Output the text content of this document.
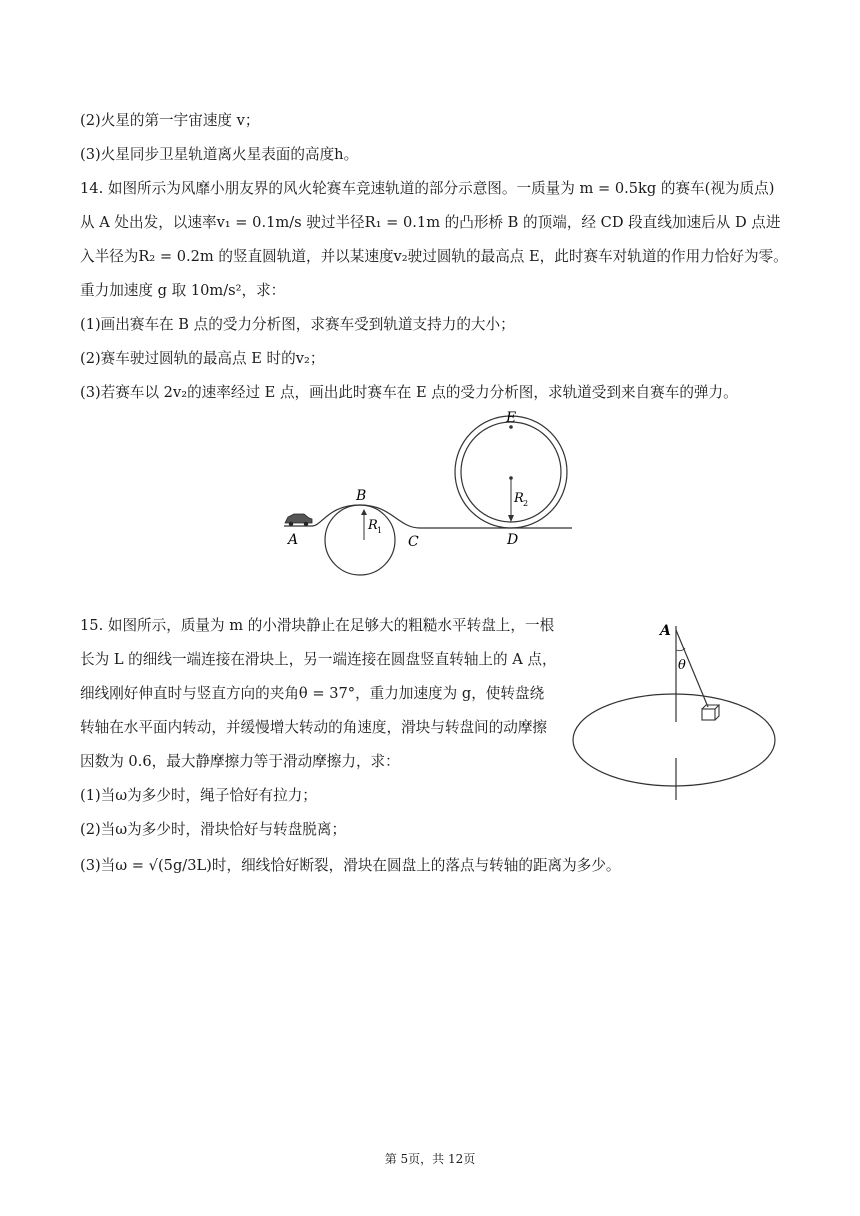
(2)火星的第一宇宙速度 v；
(3)火星同步卫星轨道离火星表面的高度h。
14. 如图所示为风靡小朋友界的风火轮赛车竞速轨道的部分示意图。一质量为 m = 0.5kg 的赛车(视为质点)
从 A 处出发，以速率v₁ = 0.1m/s 驶过半径R₁ = 0.1m 的凸形桥 B 的顶端，经 CD 段直线加速后从 D 点进
入半径为R₂ = 0.2m 的竖直圆轨道，并以某速度v₂驶过圆轨的最高点 E，此时赛车对轨道的作用力恰好为零。
重力加速度 g 取 10m/s²，求：
(1)画出赛车在 B 点的受力分析图，求赛车受到轨道支持力的大小；
(2)赛车驶过圆轨的最高点 E 时的v₂；
(3)若赛车以 2v₂的速率经过 E 点，画出此时赛车在 E 点的受力分析图，求轨道受到来自赛车的弹力。
A
B
R 1
C	D
E
R 2
15. 如图所示，质量为 m 的小滑块静止在足够大的粗糙水平转盘上，一根
长为 L 的细线一端连接在滑块上，另一端连接在圆盘竖直转轴上的 A 点，
细线刚好伸直时与竖直方向的夹角θ = 37°，重力加速度为 g，使转盘绕
转轴在水平面内转动，并缓慢增大转动的角速度，滑块与转盘间的动摩擦
因数为 0.6，最大静摩擦力等于滑动摩擦力，求：
(1)当ω为多少时，绳子恰好有拉力；
(2)当ω为多少时，滑块恰好与转盘脱离；
(3)当ω = √(5g/3L)时，细线恰好断裂，滑块在圆盘上的落点与转轴的距离为多少。
A
θ
第 5页，共 12页
